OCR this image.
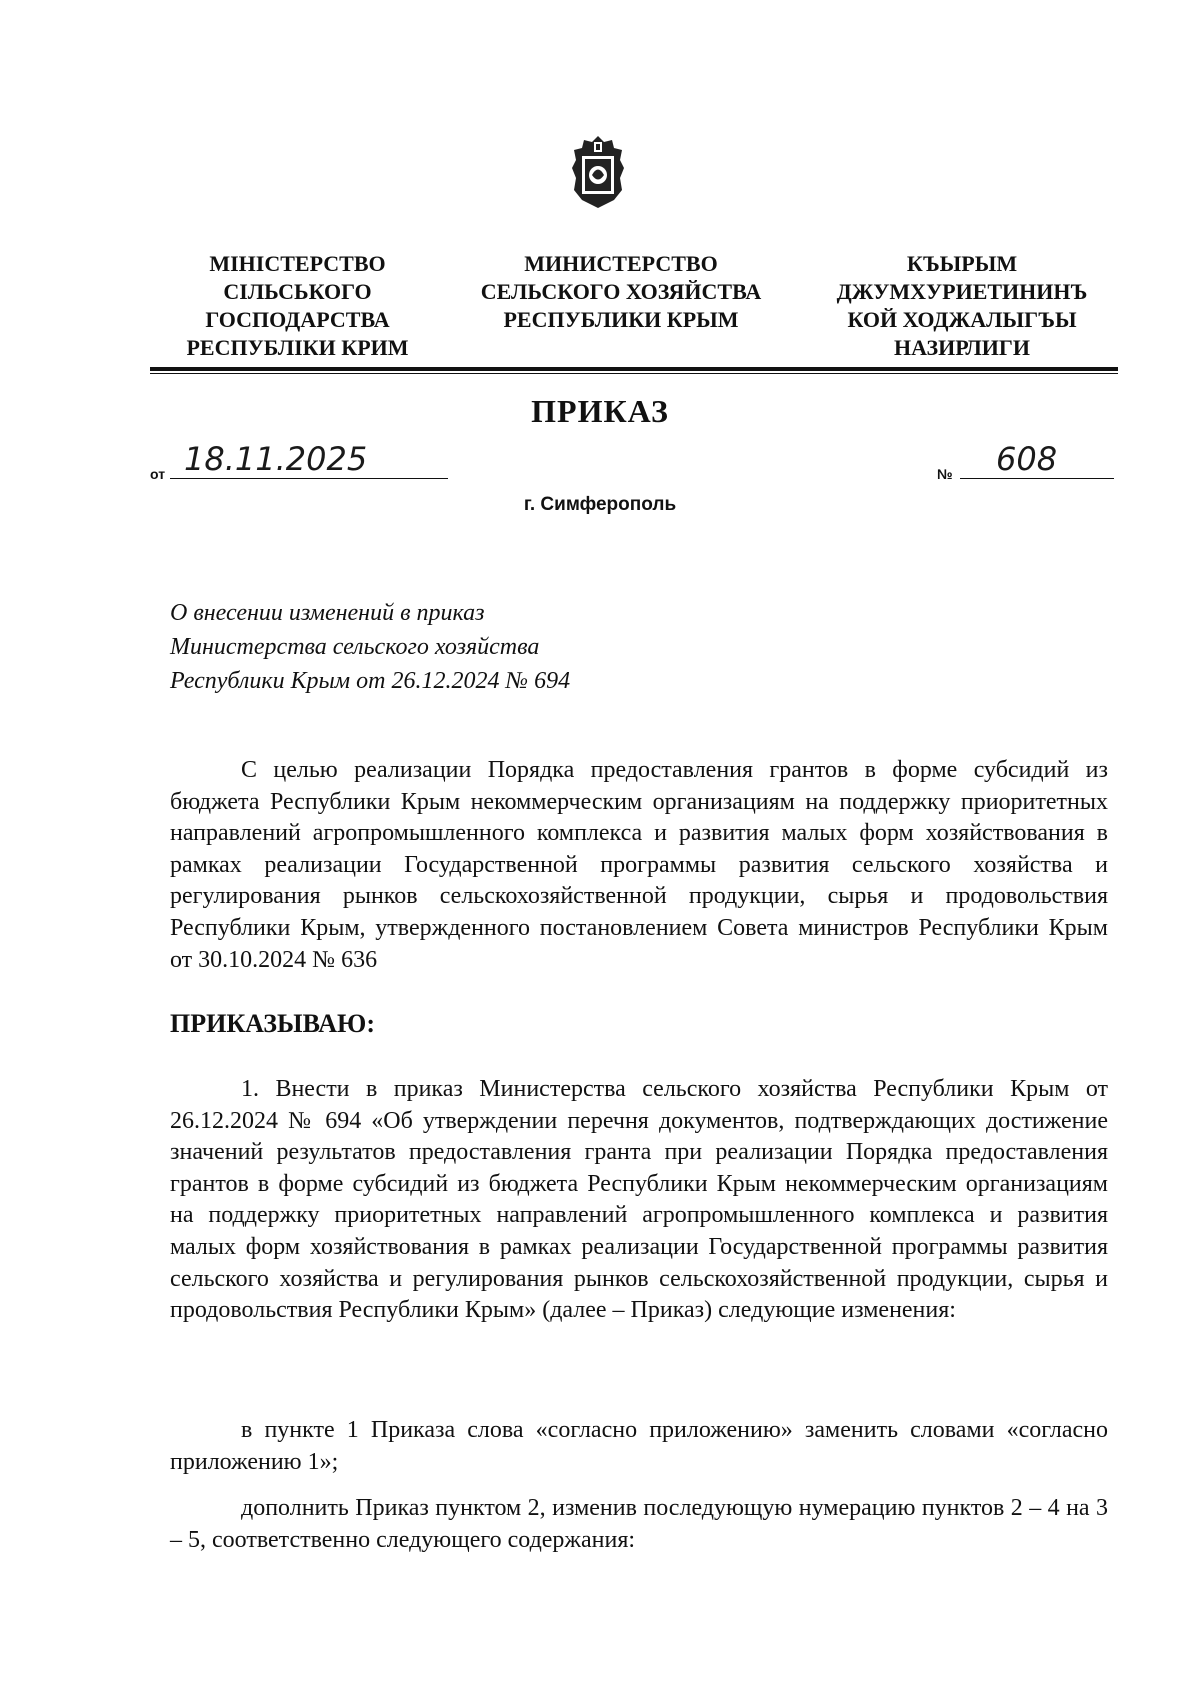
МІНІСТЕРСТВО
СІЛЬСЬКОГО
ГОСПОДАРСТВА
РЕСПУБЛІКИ КРИМ
МИНИСТЕРСТВО
СЕЛЬСКОГО ХОЗЯЙСТВА
РЕСПУБЛИКИ КРЫМ
КЪЫРЫМ
ДЖУМХУРИЕТИНИНЪ
КОЙ ХОДЖАЛЫГЪЫ
НАЗИРЛИГИ
ПРИКАЗ
от 18.11.2025	№ 608
г. Симферополь
О внесении изменений в приказ
Министерства сельского хозяйства
Республики Крым от 26.12.2024 № 694
С целью реализации Порядка предоставления грантов в форме субсидий из бюджета Республики Крым некоммерческим организациям на поддержку приоритетных направлений агропромышленного комплекса и развития малых форм хозяйствования в рамках реализации Государственной программы развития сельского хозяйства и регулирования рынков сельскохозяйственной продукции, сырья и продовольствия Республики Крым, утвержденного постановлением Совета министров Республики Крым от 30.10.2024 № 636
ПРИКАЗЫВАЮ:
1. Внести в приказ Министерства сельского хозяйства Республики Крым от 26.12.2024 № 694 «Об утверждении перечня документов, подтверждающих достижение значений результатов предоставления гранта при реализации Порядка предоставления грантов в форме субсидий из бюджета Республики Крым некоммерческим организациям на поддержку приоритетных направлений агропромышленного комплекса и развития малых форм хозяйствования в рамках реализации Государственной программы развития сельского хозяйства и регулирования рынков сельскохозяйственной продукции, сырья и продовольствия Республики Крым» (далее – Приказ) следующие изменения:
в пункте 1 Приказа слова «согласно приложению» заменить словами «согласно приложению 1»;
дополнить Приказ пунктом 2, изменив последующую нумерацию пунктов 2 – 4 на 3 – 5, соответственно следующего содержания:
